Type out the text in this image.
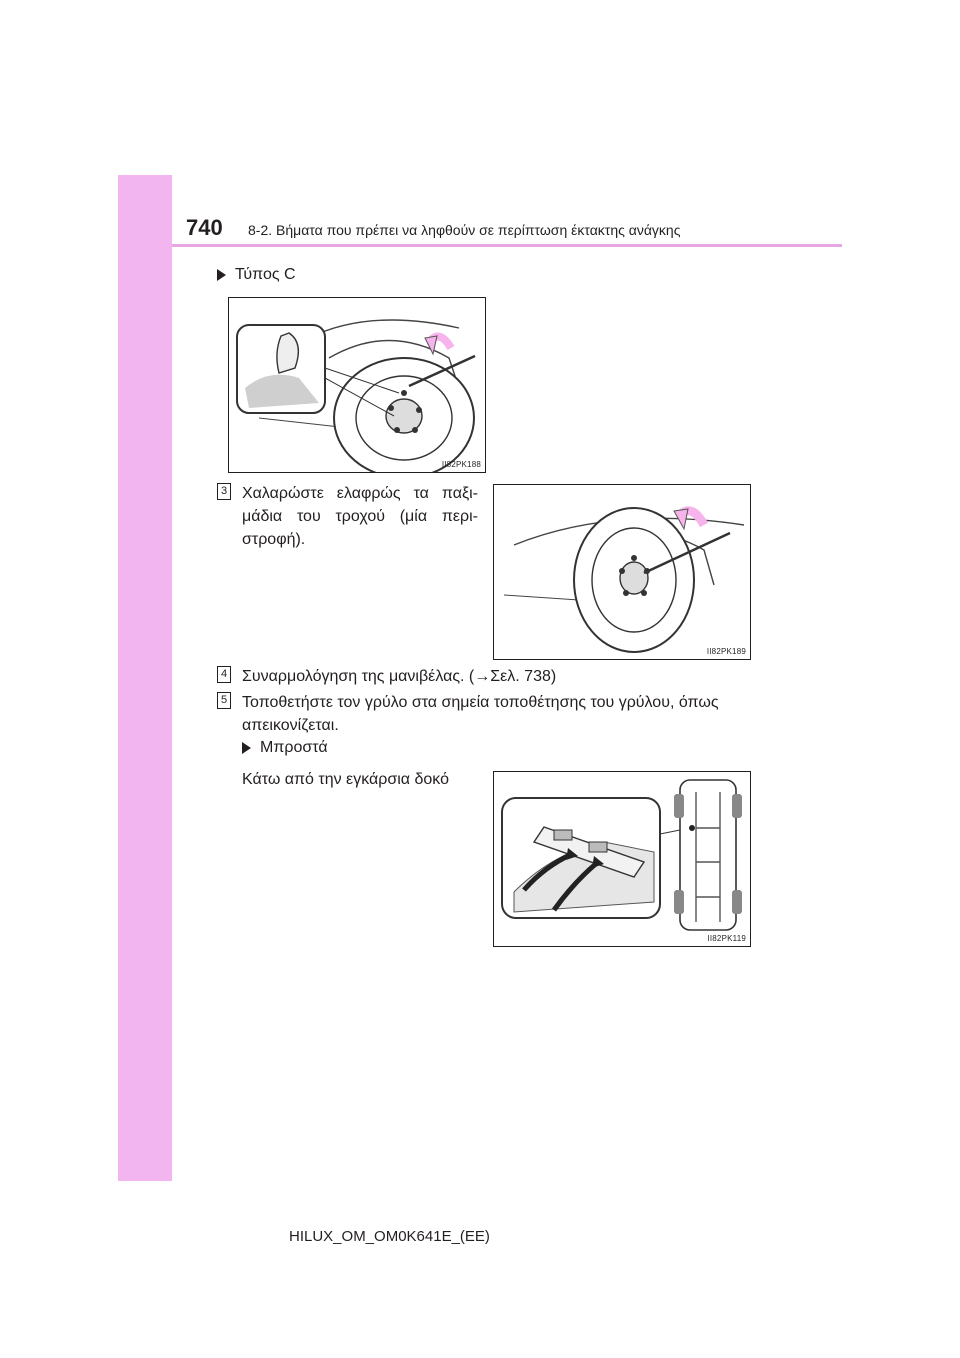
740 8-2. Βήματα που πρέπει να ληφθούν σε περίπτωση έκτακτης ανάγκης
Τύπος C
II82PK188
3 Χαλαρώστε ελαφρώς τα παξι-
μάδια του τροχού (μία περι-
στροφή).
II82PK189
4 Συναρμολόγηση της μανιβέλας. (→Σελ. 738)
5 Τοποθετήστε τον γρύλο στα σημεία τοποθέτησης του γρύλου, όπως
απεικονίζεται.
Μπροστά
Κάτω από την εγκάρσια δοκό
II82PK119
HILUX_OM_OM0K641E_(EE)
